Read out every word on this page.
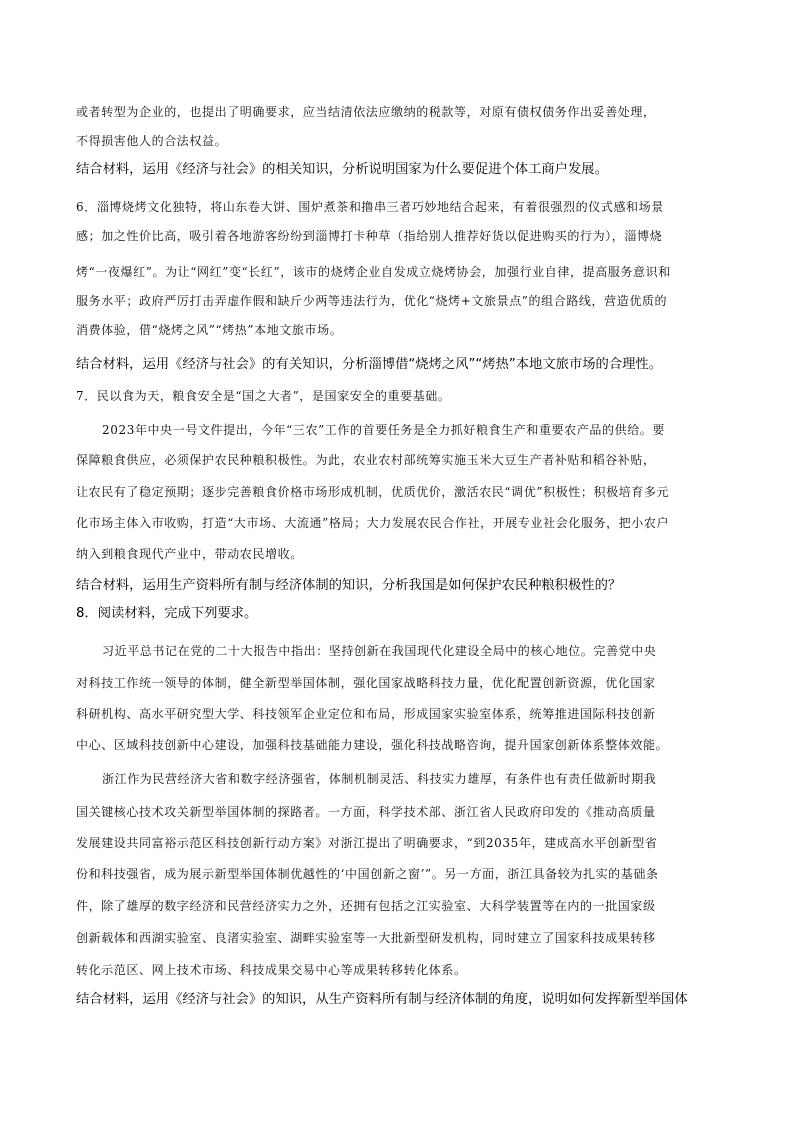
或者转型为企业的，也提出了明确要求，应当结清依法应缴纳的税款等，对原有债权债务作出妥善处理，
不得损害他人的合法权益。
结合材料，运用《经济与社会》的相关知识，分析说明国家为什么要促进个体工商户发展。
6．淄博烧烤文化独特，将山东卷大饼、围炉煮茶和撸串三者巧妙地结合起来，有着很强烈的仪式感和场景
感；加之性价比高，吸引着各地游客纷纷到淄博打卡种草（指给别人推荐好货以促进购买的行为），淄博烧
烤“一夜爆红”。为让“网红”变“长红”，该市的烧烤企业自发成立烧烤协会，加强行业自律，提高服务意识和
服务水平；政府严厉打击弄虚作假和缺斤少两等违法行为，优化“烧烤+文旅景点”的组合路线，营造优质的
消费体验，借“烧烤之风”“烤热”本地文旅市场。
结合材料，运用《经济与社会》的有关知识，分析淄博借“烧烤之风”“烤热”本地文旅市场的合理性。
7．民以食为天，粮食安全是“国之大者”，是国家安全的重要基础。
2023年中央一号文件提出，今年“三农”工作的首要任务是全力抓好粮食生产和重要农产品的供给。要
保障粮食供应，必须保护农民种粮积极性。为此，农业农村部统筹实施玉米大豆生产者补贴和稻谷补贴，
让农民有了稳定预期；逐步完善粮食价格市场形成机制，优质优价，激活农民“调优”积极性；积极培育多元
化市场主体入市收购，打造“大市场、大流通”格局；大力发展农民合作社，开展专业社会化服务，把小农户
纳入到粮食现代产业中，带动农民增收。
结合材料，运用生产资料所有制与经济体制的知识，分析我国是如何保护农民种粮积极性的？
8．阅读材料，完成下列要求。
习近平总书记在党的二十大报告中指出：坚持创新在我国现代化建设全局中的核心地位。完善党中央
对科技工作统一领导的体制，健全新型举国体制，强化国家战略科技力量，优化配置创新资源，优化国家
科研机构、高水平研究型大学、科技领军企业定位和布局，形成国家实验室体系，统筹推进国际科技创新
中心、区域科技创新中心建设，加强科技基础能力建设，强化科技战略咨询，提升国家创新体系整体效能。
浙江作为民营经济大省和数字经济强省，体制机制灵活、科技实力雄厚，有条件也有责任做新时期我
国关键核心技术攻关新型举国体制的探路者。一方面，科学技术部、浙江省人民政府印发的《推动高质量
发展建设共同富裕示范区科技创新行动方案》对浙江提出了明确要求，“到2035年，建成高水平创新型省
份和科技强省，成为展示新型举国体制优越性的‘中国创新之窗’”。另一方面，浙江具备较为扎实的基础条
件，除了雄厚的数字经济和民营经济实力之外，还拥有包括之江实验室、大科学装置等在内的一批国家级
创新载体和西湖实验室、良渚实验室、湖畔实验室等一大批新型研发机构，同时建立了国家科技成果转移
转化示范区、网上技术市场、科技成果交易中心等成果转移转化体系。
结合材料，运用《经济与社会》的知识，从生产资料所有制与经济体制的角度，说明如何发挥新型举国体
